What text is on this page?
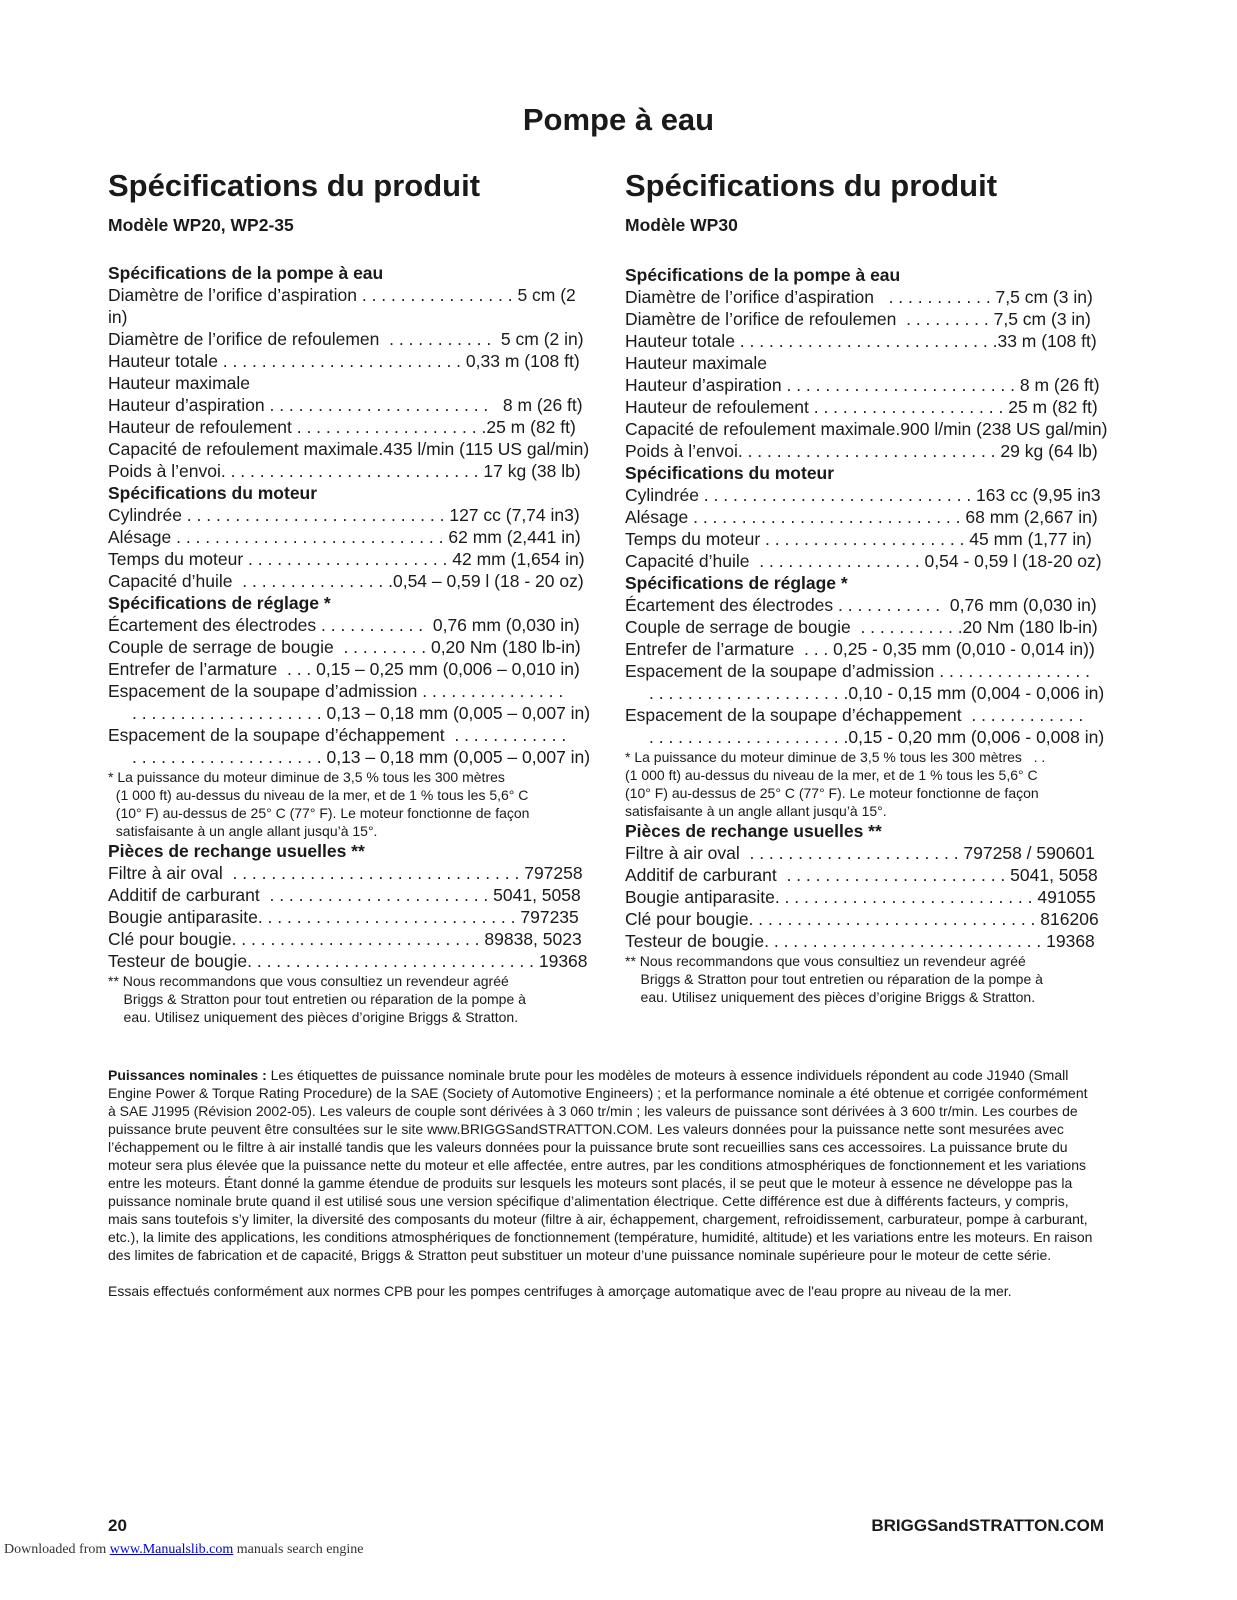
Pompe à eau
Spécifications du produit
Modèle WP20, WP2-35
Spécifications de la pompe à eau
Diamètre de l’orifice d’aspiration . . . . . . . . . . . . . . . . 5 cm (2 in)
Diamètre de l’orifice de refoulemen  . . . . . . . . . . .  5 cm (2 in)
Hauteur totale . . . . . . . . . . . . . . . . . . . . . . . . . 0,33 m (108 ft)
Hauteur maximale
Hauteur d’aspiration . . . . . . . . . . . . . . . . . . . . . . .   8 m (26 ft)
Hauteur de refoulement . . . . . . . . . . . . . . . . . . . .25 m (82 ft)
Capacité de refoulement maximale.435 l/min (115 US gal/min)
Poids à l’envoi. . . . . . . . . . . . . . . . . . . . . . . . . . . 17 kg (38 lb)
Spécifications du moteur
Cylindrée . . . . . . . . . . . . . . . . . . . . . . . . . . . 127 cc (7,74 in3)
Alésage . . . . . . . . . . . . . . . . . . . . . . . . . . . . 62 mm (2,441 in)
Temps du moteur . . . . . . . . . . . . . . . . . . . . . 42 mm (1,654 in)
Capacité d’huile  . . . . . . . . . . . . . . . .0,54 – 0,59 l (18 - 20 oz)
Spécifications de réglage *
Écartement des électrodes . . . . . . . . . . .  0,76 mm (0,030 in)
Couple de serrage de bougie  . . . . . . . . . 0,20 Nm (180 lb-in)
Entrefer de l’armature  . . . 0,15 – 0,25 mm (0,006 – 0,010 in)
Espacement de la soupape d’admission . . . . . . . . . . . . . . .
. . . . . . . . . . . . . . . . . . . . 0,13 – 0,18 mm (0,005 – 0,007 in)
Espacement de la soupape d’échappement  . . . . . . . . . . . .
. . . . . . . . . . . . . . . . . . . . 0,13 – 0,18 mm (0,005 – 0,007 in)
* La puissance du moteur diminue de 3,5 % tous les 300 mètres
(1 000 ft) au-dessus du niveau de la mer, et de 1 % tous les 5,6° C
(10° F) au-dessus de 25° C (77° F). Le moteur fonctionne de façon
satisfaisante à un angle allant jusqu’à 15°.
Pièces de rechange usuelles **
Filtre à air oval  . . . . . . . . . . . . . . . . . . . . . . . . . . . . . . 797258
Additif de carburant  . . . . . . . . . . . . . . . . . . . . . . . 5041, 5058
Bougie antiparasite. . . . . . . . . . . . . . . . . . . . . . . . . . . 797235
Clé pour bougie. . . . . . . . . . . . . . . . . . . . . . . . . . 89838, 5023
Testeur de bougie. . . . . . . . . . . . . . . . . . . . . . . . . . . . . . 19368
** Nous recommandons que vous consultiez un revendeur agréé
Briggs & Stratton pour tout entretien ou réparation de la pompe à
eau. Utilisez uniquement des pièces d’origine Briggs & Stratton.
Spécifications du produit
Modèle WP30
Spécifications de la pompe à eau
Diamètre de l’orifice d’aspiration   . . . . . . . . . . . 7,5 cm (3 in)
Diamètre de l’orifice de refoulemen  . . . . . . . . . 7,5 cm (3 in)
Hauteur totale . . . . . . . . . . . . . . . . . . . . . . . . . . .33 m (108 ft)
Hauteur maximale
Hauteur d’aspiration . . . . . . . . . . . . . . . . . . . . . . . . 8 m (26 ft)
Hauteur de refoulement . . . . . . . . . . . . . . . . . . . . 25 m (82 ft)
Capacité de refoulement maximale.900 l/min (238 US gal/min)
Poids à l’envoi. . . . . . . . . . . . . . . . . . . . . . . . . . . 29 kg (64 lb)
Spécifications du moteur
Cylindrée . . . . . . . . . . . . . . . . . . . . . . . . . . . . 163 cc (9,95 in3
Alésage . . . . . . . . . . . . . . . . . . . . . . . . . . . . 68 mm (2,667 in)
Temps du moteur . . . . . . . . . . . . . . . . . . . . . 45 mm (1,77 in)
Capacité d’huile  . . . . . . . . . . . . . . . . . 0,54 - 0,59 l (18-20 oz)
Spécifications de réglage *
Écartement des électrodes . . . . . . . . . . .  0,76 mm (0,030 in)
Couple de serrage de bougie  . . . . . . . . . . .20 Nm (180 lb-in)
Entrefer de l’armature  . . . 0,25 - 0,35 mm (0,010 - 0,014 in))
Espacement de la soupape d’admission . . . . . . . . . . . . . . . .
. . . . . . . . . . . . . . . . . . . . .0,10 - 0,15 mm (0,004 - 0,006 in)
Espacement de la soupape d’échappement  . . . . . . . . . . . .
. . . . . . . . . . . . . . . . . . . . .0,15 - 0,20 mm (0,006 - 0,008 in)
* La puissance du moteur diminue de 3,5 % tous les 300 mètres   . .
(1 000 ft) au-dessus du niveau de la mer, et de 1 % tous les 5,6° C
(10° F) au-dessus de 25° C (77° F). Le moteur fonctionne de façon
satisfaisante à un angle allant jusqu’à 15°.
Pièces de rechange usuelles **
Filtre à air oval  . . . . . . . . . . . . . . . . . . . . . . 797258 / 590601
Additif de carburant  . . . . . . . . . . . . . . . . . . . . . . . 5041, 5058
Bougie antiparasite. . . . . . . . . . . . . . . . . . . . . . . . . . . 491055
Clé pour bougie. . . . . . . . . . . . . . . . . . . . . . . . . . . . . . 816206
Testeur de bougie. . . . . . . . . . . . . . . . . . . . . . . . . . . . . 19368
** Nous recommandons que vous consultiez un revendeur agréé
Briggs & Stratton pour tout entretien ou réparation de la pompe à
eau. Utilisez uniquement des pièces d’origine Briggs & Stratton.

Puissances nominales : Les étiquettes de puissance nominale brute pour les modèles de moteurs à essence individuels répondent au code J1940 (Small Engine Power & Torque Rating Procedure) de la SAE (Society of Automotive Engineers) ; et la performance nominale a été obtenue et corrigée conformément à SAE J1995 (Révision 2002-05). Les valeurs de couple sont dérivées à 3 060 tr/min ; les valeurs de puissance sont dérivées à 3 600 tr/min. Les courbes de puissance brute peuvent être consultées sur le site www.BRIGGSandSTRATTON.COM. Les valeurs données pour la puissance nette sont mesurées avec l’échappement ou le filtre à air installé tandis que les valeurs données pour la puissance brute sont recueillies sans ces accessoires. La puissance brute du moteur sera plus élevée que la puissance nette du moteur et elle affectée, entre autres, par les conditions atmosphériques de fonctionnement et les variations entre les moteurs. Étant donné la gamme étendue de produits sur lesquels les moteurs sont placés, il se peut que le moteur à essence ne développe pas la puissance nominale brute quand il est utilisé sous une version spécifique d’alimentation électrique. Cette différence est due à différents facteurs, y compris, mais sans toutefois s’y limiter, la diversité des composants du moteur (filtre à air, échappement, chargement, refroidissement, carburateur, pompe à carburant, etc.), la limite des applications, les conditions atmosphériques de fonctionnement (température, humidité, altitude) et les variations entre les moteurs. En raison des limites de fabrication et de capacité, Briggs & Stratton peut substituer un moteur d’une puissance nominale supérieure pour le moteur de cette série.

Essais effectués conformément aux normes CPB pour les pompes centrifuges à amorçage automatique avec de l'eau propre au niveau de la mer.

20	BRIGGSandSTRATTON.COM
Downloaded from www.Manualslib.com manuals search engine
